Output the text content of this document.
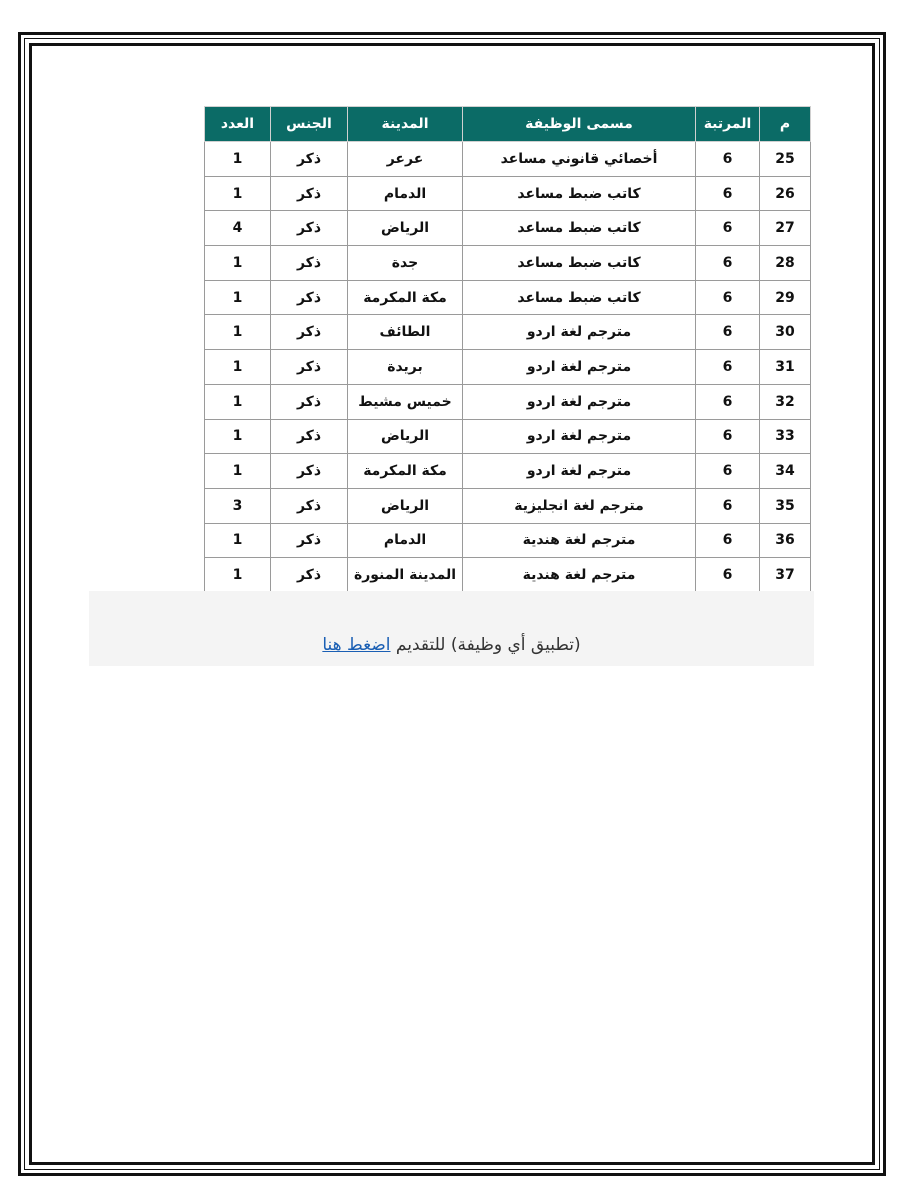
م	المرتبة	مسمى الوظيفة	المدينة	الجنس	العدد
25	6	أخصائي قانوني مساعد	عرعر	ذكر	1
26	6	كاتب ضبط مساعد	الدمام	ذكر	1
27	6	كاتب ضبط مساعد	الرياض	ذكر	4
28	6	كاتب ضبط مساعد	جدة	ذكر	1
29	6	كاتب ضبط مساعد	مكة المكرمة	ذكر	1
30	6	مترجم لغة اردو	الطائف	ذكر	1
31	6	مترجم لغة اردو	بريدة	ذكر	1
32	6	مترجم لغة اردو	خميس مشيط	ذكر	1
33	6	مترجم لغة اردو	الرياض	ذكر	1
34	6	مترجم لغة اردو	مكة المكرمة	ذكر	1
35	6	مترجم لغة انجليزية	الرياض	ذكر	3
36	6	مترجم لغة هندية	الدمام	ذكر	1
37	6	مترجم لغة هندية	المدينة المنورة	ذكر	1
(تطبيق أي وظيفة) للتقديم اضغط هنا
